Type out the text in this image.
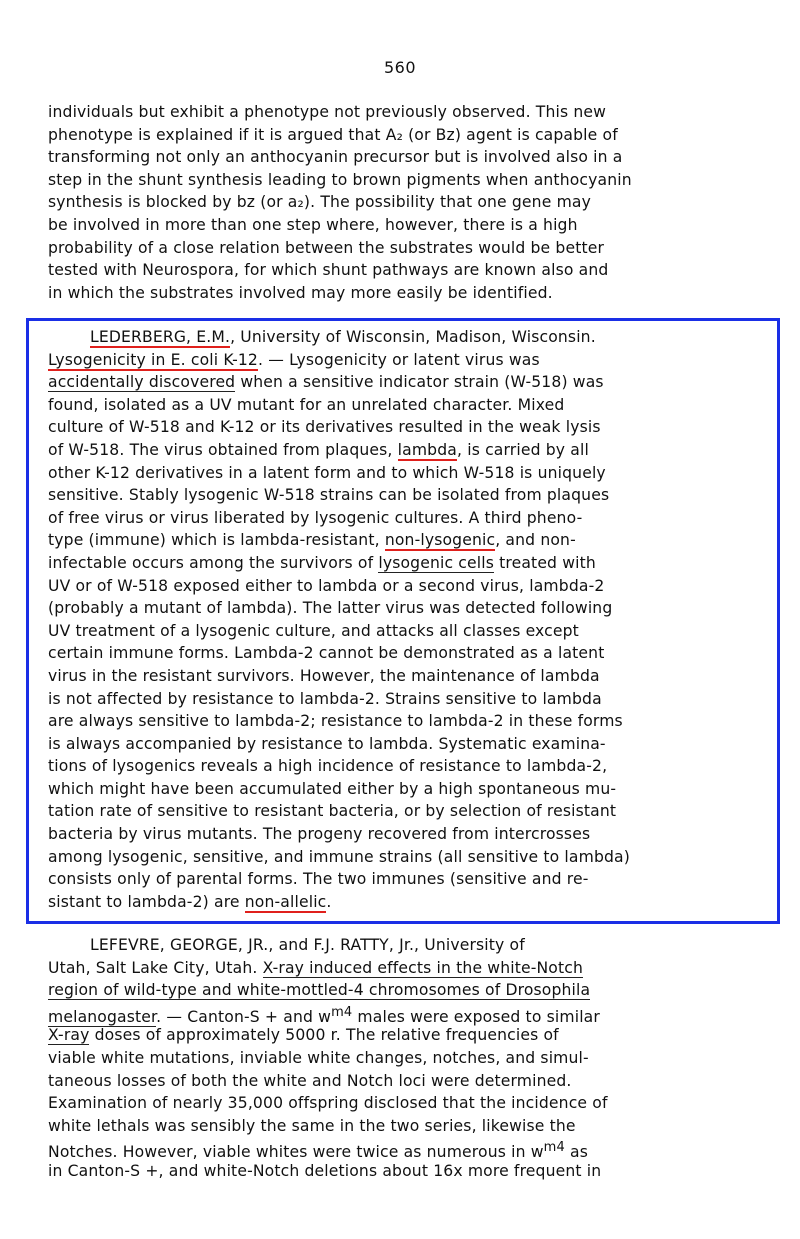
560
individuals but exhibit a phenotype not previously observed. This new
phenotype is explained if it is argued that A₂ (or Bz) agent is capable of
transforming not only an anthocyanin precursor but is involved also in a
step in the shunt synthesis leading to brown pigments when anthocyanin
synthesis is blocked by bz (or a₂). The possibility that one gene may
be involved in more than one step where, however, there is a high
probability of a close relation between the substrates would be better
tested with Neurospora, for which shunt pathways are known also and
in which the substrates involved may more easily be identified.
LEDERBERG, E.M., University of Wisconsin, Madison, Wisconsin.
Lysogenicity in E. coli K-12. — Lysogenicity or latent virus was
accidentally discovered when a sensitive indicator strain (W-518) was
found, isolated as a UV mutant for an unrelated character. Mixed
culture of W-518 and K-12 or its derivatives resulted in the weak lysis
of W-518. The virus obtained from plaques, lambda, is carried by all
other K-12 derivatives in a latent form and to which W-518 is uniquely
sensitive. Stably lysogenic W-518 strains can be isolated from plaques
of free virus or virus liberated by lysogenic cultures. A third pheno-
type (immune) which is lambda-resistant, non-lysogenic, and non-
infectable occurs among the survivors of lysogenic cells treated with
UV or of W-518 exposed either to lambda or a second virus, lambda-2
(probably a mutant of lambda). The latter virus was detected following
UV treatment of a lysogenic culture, and attacks all classes except
certain immune forms. Lambda-2 cannot be demonstrated as a latent
virus in the resistant survivors. However, the maintenance of lambda
is not affected by resistance to lambda-2. Strains sensitive to lambda
are always sensitive to lambda-2; resistance to lambda-2 in these forms
is always accompanied by resistance to lambda. Systematic examina-
tions of lysogenics reveals a high incidence of resistance to lambda-2,
which might have been accumulated either by a high spontaneous mu-
tation rate of sensitive to resistant bacteria, or by selection of resistant
bacteria by virus mutants. The progeny recovered from intercrosses
among lysogenic, sensitive, and immune strains (all sensitive to lambda)
consists only of parental forms. The two immunes (sensitive and re-
sistant to lambda-2) are non-allelic.
LEFEVRE, GEORGE, JR., and F.J. RATTY, Jr., University of
Utah, Salt Lake City, Utah. X-ray induced effects in the white-Notch
region of wild-type and white-mottled-4 chromosomes of Drosophila
melanogaster. — Canton-S + and $w^{m4}$ males were exposed to similar
X-ray doses of approximately 5000 r. The relative frequencies of
viable white mutations, inviable white changes, notches, and simul-
taneous losses of both the white and Notch loci were determined.
Examination of nearly 35,000 offspring disclosed that the incidence of
white lethals was sensibly the same in the two series, likewise the
Notches. However, viable whites were twice as numerous in $w^{m4}$ as
in Canton-S +, and white-Notch deletions about 16x more frequent in
